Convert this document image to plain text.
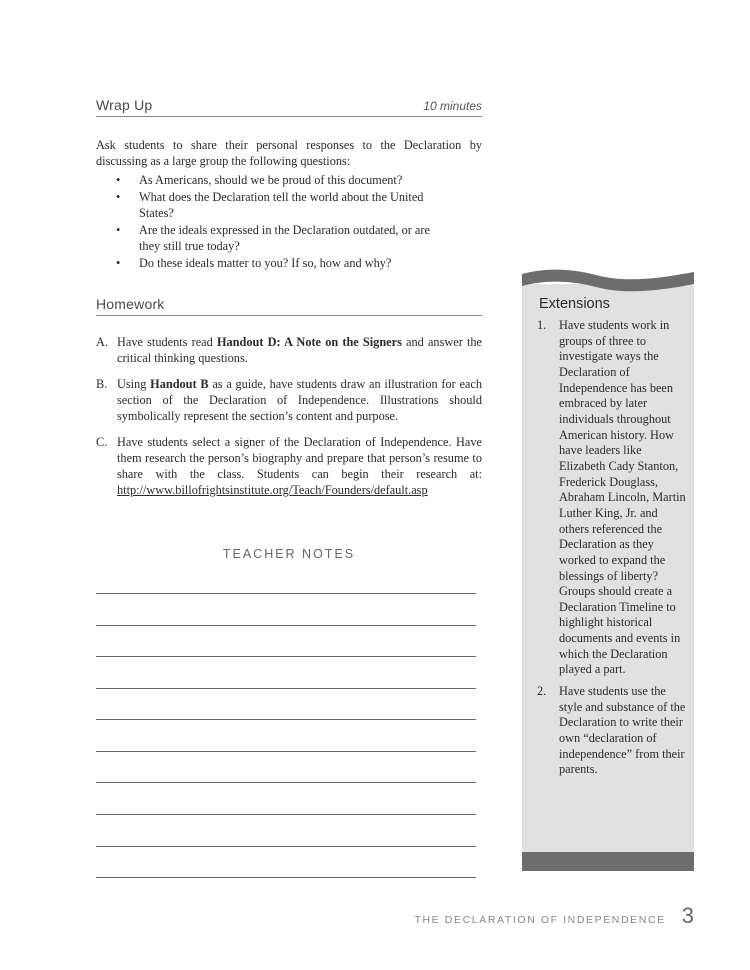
Wrap Up	10 minutes
Ask students to share their personal responses to the Declaration by discussing as a large group the following questions:
• As Americans, should we be proud of this document?
• What does the Declaration tell the world about the United States?
• Are the ideals expressed in the Declaration outdated, or are they still true today?
• Do these ideals matter to you? If so, how and why?
Homework
A. Have students read Handout D: A Note on the Signers and answer the critical thinking questions.
B. Using Handout B as a guide, have students draw an illustration for each section of the Declaration of Independence. Illustrations should symbolically represent the section’s content and purpose.
C. Have students select a signer of the Declaration of Independence. Have them research the person’s biography and prepare that person’s resume to share with the class. Students can begin their research at: http://www.billofrightsinstitute.org/Teach/Founders/default.asp
TEACHER NOTES
Extensions
1. Have students work in groups of three to investigate ways the Declaration of Independence has been embraced by later individuals throughout American history. How have leaders like Elizabeth Cady Stanton, Frederick Douglass, Abraham Lincoln, Martin Luther King, Jr. and others referenced the Declaration as they worked to expand the blessings of liberty? Groups should create a Declaration Timeline to highlight historical documents and events in which the Declaration played a part.
2. Have students use the style and substance of the Declaration to write their own “declaration of independence” from their parents.
THE DECLARATION OF INDEPENDENCE 3
